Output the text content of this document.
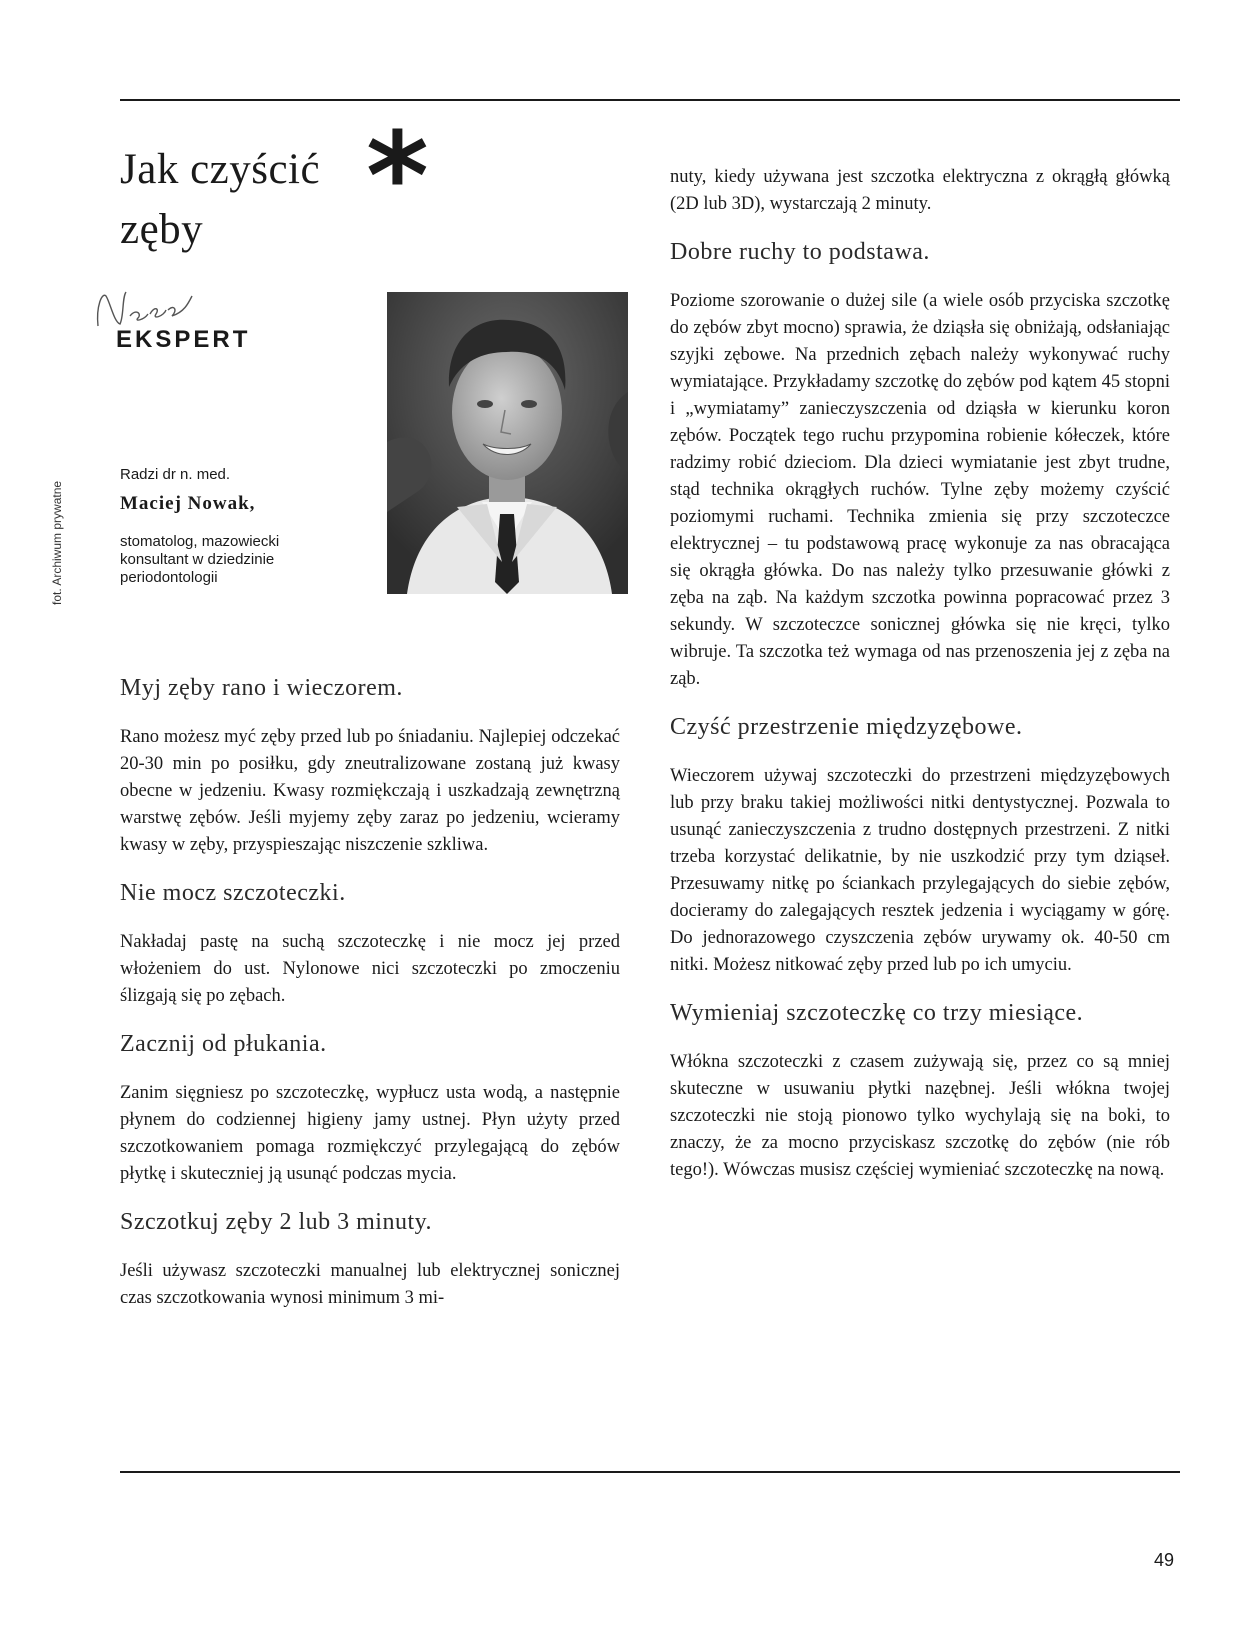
Jak czyścić zęby	*
EKSPERT
fot. Archiwum prywatne

Radzi dr n. med.

Maciej Nowak,

stomatolog, mazowiecki konsultant w dziedzinie periodontologii

Myj zęby rano i wieczorem.

Rano możesz myć zęby przed lub po śniadaniu. Najlepiej odczekać 20-30 min po posiłku, gdy zneutralizowane zostaną już kwasy obecne w jedzeniu. Kwasy rozmiękczają i uszkadzają zewnętrzną warstwę zębów. Jeśli myjemy zęby zaraz po jedzeniu, wcieramy kwasy w zęby, przyspieszając niszczenie szkliwa.

Nie mocz szczoteczki.

Nakładaj pastę na suchą szczoteczkę i nie mocz jej przed włożeniem do ust. Nylonowe nici szczoteczki po zmoczeniu ślizgają się po zębach.

Zacznij od płukania.

Zanim sięgniesz po szczoteczkę, wypłucz usta wodą, a następnie płynem do codziennej higieny jamy ustnej. Płyn użyty przed szczotkowaniem pomaga rozmiękczyć przylegającą do zębów płytkę i skuteczniej ją usunąć podczas mycia.

Szczotkuj zęby 2 lub 3 minuty.

Jeśli używasz szczoteczki manualnej lub elektrycznej sonicznej czas szczotkowania wynosi minimum 3 mi-

nuty, kiedy używana jest szczotka elektryczna z okrągłą główką (2D lub 3D), wystarczają 2 minuty.

Dobre ruchy to podstawa.

Poziome szorowanie o dużej sile (a wiele osób przyciska szczotkę do zębów zbyt mocno) sprawia, że dziąsła się obniżają, odsłaniając szyjki zębowe. Na przednich zębach należy wykonywać ruchy wymiatające. Przykładamy szczotkę do zębów pod kątem 45 stopni i „wymiatamy” zanieczyszczenia od dziąsła w kierunku koron zębów. Początek tego ruchu przypomina robienie kółeczek, które radzimy robić dzieciom. Dla dzieci wymiatanie jest zbyt trudne, stąd technika okrągłych ruchów. Tylne zęby możemy czyścić poziomymi ruchami. Technika zmienia się przy szczoteczce elektrycznej – tu podstawową pracę wykonuje za nas obracająca się okrągła główka. Do nas należy tylko przesuwanie główki z zęba na ząb. Na każdym szczotka powinna popracować przez 3 sekundy. W szczoteczce sonicznej główka się nie kręci, tylko wibruje. Ta szczotka też wymaga od nas przenoszenia jej z zęba na ząb.

Czyść przestrzenie międzyzębowe.

Wieczorem używaj szczoteczki do przestrzeni międzyzębowych lub przy braku takiej możliwości nitki dentystycznej. Pozwala to usunąć zanieczyszczenia z trudno dostępnych przestrzeni. Z nitki trzeba korzystać delikatnie, by nie uszkodzić przy tym dziąseł. Przesuwamy nitkę po ściankach przylegających do siebie zębów, docieramy do zalegających resztek jedzenia i wyciągamy w górę. Do jednorazowego czyszczenia zębów urywamy ok. 40-50 cm nitki. Możesz nitkować zęby przed lub po ich umyciu.

Wymieniaj szczoteczkę co trzy miesiące.

Włókna szczoteczki z czasem zużywają się, przez co są mniej skuteczne w usuwaniu płytki nazębnej. Jeśli włókna twojej szczoteczki nie stoją pionowo tylko wychylają się na boki, to znaczy, że za mocno przyciskasz szczotkę do zębów (nie rób tego!). Wówczas musisz częściej wymieniać szczoteczkę na nową.

49
